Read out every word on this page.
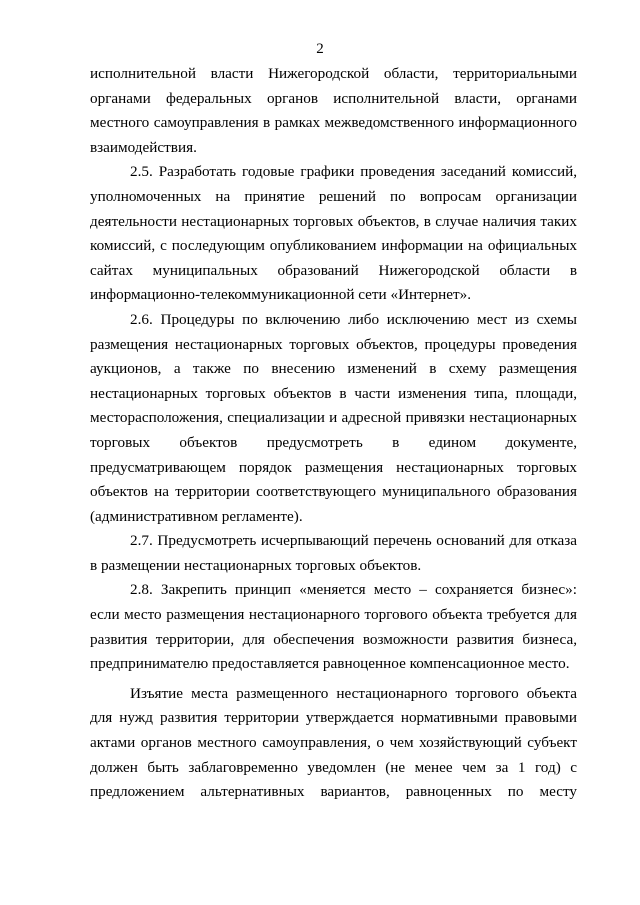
2

исполнительной власти Нижегородской области, территориальными органами федеральных органов исполнительной власти, органами местного самоуправления в рамках межведомственного информационного взаимодействия.

2.5. Разработать годовые графики проведения заседаний комиссий, уполномоченных на принятие решений по вопросам организации деятельности нестационарных торговых объектов, в случае наличия таких комиссий, с последующим опубликованием информации на официальных сайтах муниципальных образований Нижегородской области в информационно-телекоммуникационной сети «Интернет».

2.6. Процедуры по включению либо исключению мест из схемы размещения нестационарных торговых объектов, процедуры проведения аукционов, а также по внесению изменений в схему размещения нестационарных торговых объектов в части изменения типа, площади, месторасположения, специализации и адресной привязки нестационарных торговых объектов предусмотреть в едином документе, предусматривающем порядок размещения нестационарных торговых объектов на территории соответствующего муниципального образования (административном регламенте).

2.7. Предусмотреть исчерпывающий перечень оснований для отказа в размещении нестационарных торговых объектов.

2.8. Закрепить принцип «меняется место – сохраняется бизнес»: если место размещения нестационарного торгового объекта требуется для развития территории, для обеспечения возможности развития бизнеса, предпринимателю предоставляется равноценное компенсационное место.

Изъятие места размещенного нестационарного торгового объекта для нужд развития территории утверждается нормативными правовыми актами органов местного самоуправления, о чем хозяйствующий субъект должен быть заблаговременно уведомлен (не менее чем за 1 год) с предложением альтернативных вариантов, равноценных по месту
